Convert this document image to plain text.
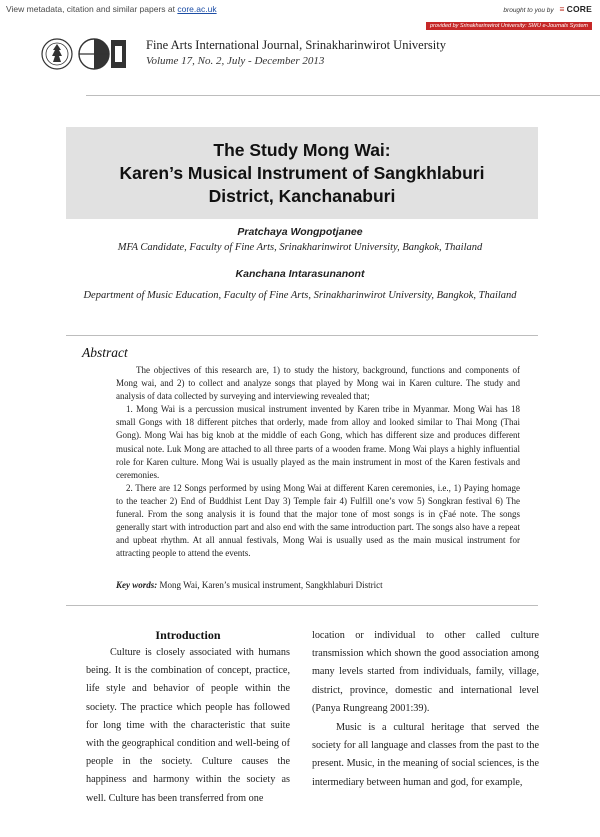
View metadata, citation and similar papers at core.ac.uk	brought to you by ≡ CORE
provided by Srinakharinwirot University: SWU e-Journals System
Fine Arts International Journal, Srinakharinwirot University
Volume 17, No. 2, July - December 2013
The Study Mong Wai:
Karen’s Musical Instrument of Sangkhlaburi
District, Kanchanaburi
Pratchaya Wongpotjanee
MFA Candidate, Faculty of Fine Arts, Srinakharinwirot University, Bangkok, Thailand
Kanchana Intarasunanont
Department of Music Education, Faculty of Fine Arts, Srinakharinwirot University, Bangkok, Thailand
Abstract

The objectives of this research are, 1) to study the history, background, functions and components of Mong wai, and 2) to collect and analyze songs that played by Mong wai in Karen culture. The study and analysis of data collected by surveying and interviewing revealed that;

1. Mong Wai is a percussion musical instrument invented by Karen tribe in Myanmar. Mong Wai has 18 small Gongs with 18 different pitches that orderly, made from alloy and looked similar to Thai Mong (Thai Gong). Mong Wai has big knob at the middle of each Gong, which has different size and produces different musical note. Luk Mong are attached to all three parts of a wooden frame. Mong Wai plays a highly influential role for Karen culture. Mong Wai is usually played as the main instrument in most of the Karen festivals and ceremonies.

2. There are 12 Songs performed by using Mong Wai at different Karen ceremonies, i.e., 1) Paying homage to the teacher 2) End of Buddhist Lent Day 3) Temple fair 4) Fulfill one’s vow 5) Songkran festival 6) The funeral. From the song analysis it is found that the major tone of most songs is in çFaé note. The songs generally start with introduction part and also end with the same introduction part. The songs also have a repeat and upbeat rhythm. At all annual festivals, Mong Wai is usually used as the main musical instrument for attracting people to attend the events.

Key words: Mong Wai, Karen’s musical instrument, Sangkhlaburi District
Introduction

Culture is closely associated with humans being. It is the combination of concept, practice, life style and behavior of people within the society. The practice which people has followed for long time with the characteristic that suite with the geographical condition and well-being of people in the society. Culture causes the happiness and harmony within the society as well. Culture has been transferred from one

location or individual to other called culture transmission which shown the good association among many levels started from individuals, family, village, district, province, domestic and international level (Panya Rungreang 2001:39).

Music is a cultural heritage that served the society for all language and classes from the past to the present. Music, in the meaning of social sciences, is the intermediary between human and god, for example,
